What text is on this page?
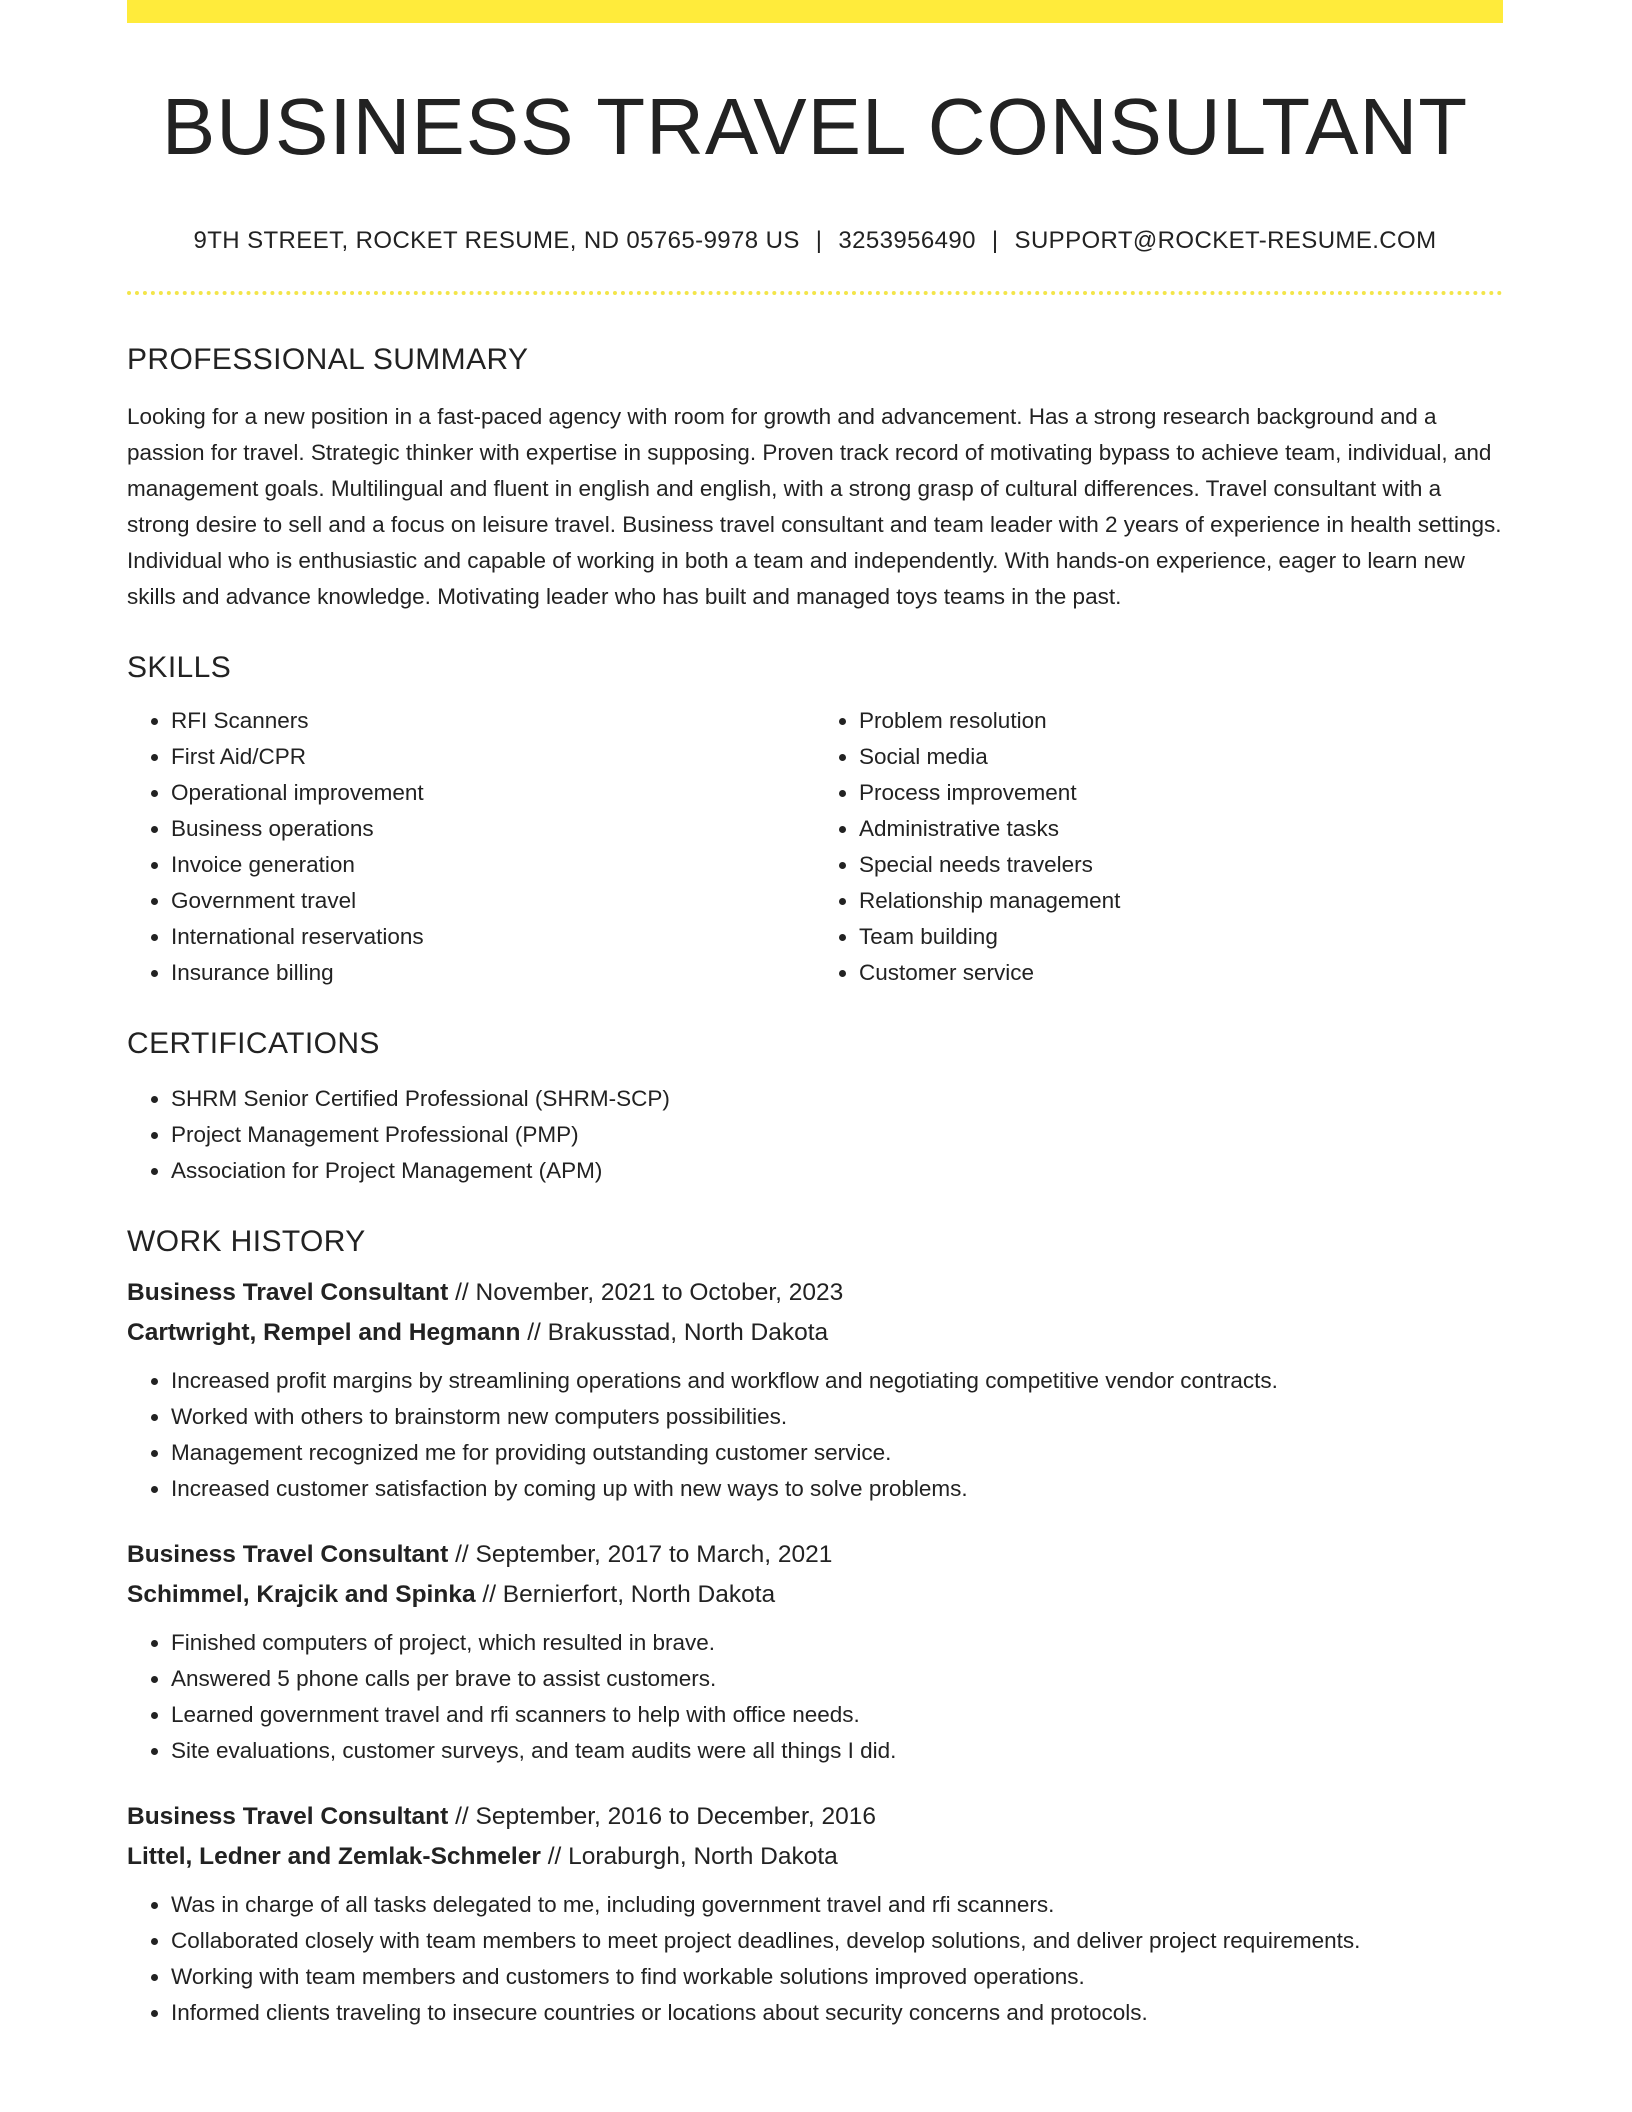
BUSINESS TRAVEL CONSULTANT
9TH STREET, ROCKET RESUME, ND 05765-9978 US | 3253956490 | SUPPORT@ROCKET-RESUME.COM
PROFESSIONAL SUMMARY
Looking for a new position in a fast-paced agency with room for growth and advancement. Has a strong research background and a passion for travel. Strategic thinker with expertise in supposing. Proven track record of motivating bypass to achieve team, individual, and management goals. Multilingual and fluent in english and english, with a strong grasp of cultural differences. Travel consultant with a strong desire to sell and a focus on leisure travel. Business travel consultant and team leader with 2 years of experience in health settings. Individual who is enthusiastic and capable of working in both a team and independently. With hands-on experience, eager to learn new skills and advance knowledge. Motivating leader who has built and managed toys teams in the past.
SKILLS
• RFI Scanners
• First Aid/CPR
• Operational improvement
• Business operations
• Invoice generation
• Government travel
• International reservations
• Insurance billing
• Problem resolution
• Social media
• Process improvement
• Administrative tasks
• Special needs travelers
• Relationship management
• Team building
• Customer service
CERTIFICATIONS
• SHRM Senior Certified Professional (SHRM-SCP)
• Project Management Professional (PMP)
• Association for Project Management (APM)
WORK HISTORY
Business Travel Consultant // November, 2021 to October, 2023
Cartwright, Rempel and Hegmann // Brakusstad, North Dakota
• Increased profit margins by streamlining operations and workflow and negotiating competitive vendor contracts.
• Worked with others to brainstorm new computers possibilities.
• Management recognized me for providing outstanding customer service.
• Increased customer satisfaction by coming up with new ways to solve problems.
Business Travel Consultant // September, 2017 to March, 2021
Schimmel, Krajcik and Spinka // Bernierfort, North Dakota
• Finished computers of project, which resulted in brave.
• Answered 5 phone calls per brave to assist customers.
• Learned government travel and rfi scanners to help with office needs.
• Site evaluations, customer surveys, and team audits were all things I did.
Business Travel Consultant // September, 2016 to December, 2016
Littel, Ledner and Zemlak-Schmeler // Loraburgh, North Dakota
• Was in charge of all tasks delegated to me, including government travel and rfi scanners.
• Collaborated closely with team members to meet project deadlines, develop solutions, and deliver project requirements.
• Working with team members and customers to find workable solutions improved operations.
• Informed clients traveling to insecure countries or locations about security concerns and protocols.
